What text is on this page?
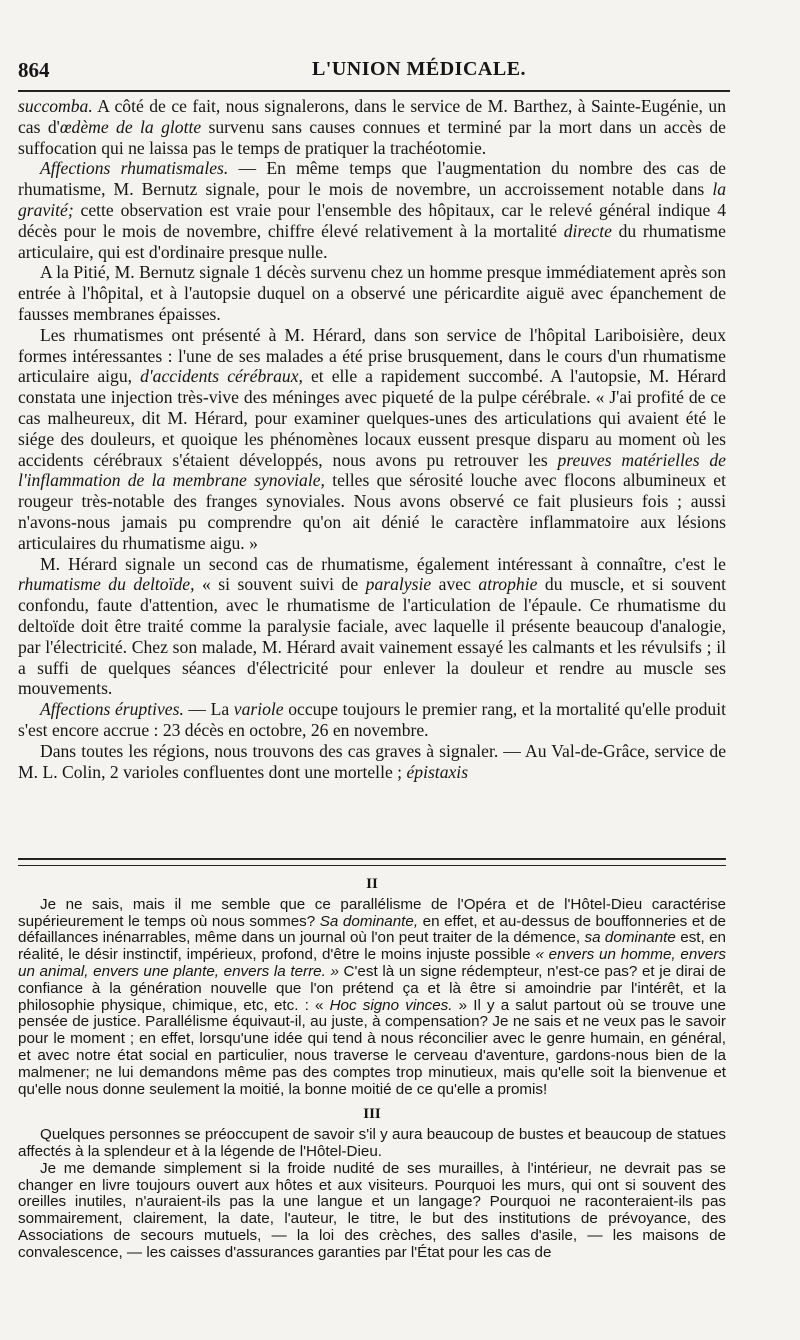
864	L'UNION MÉDICALE.

succomba. A côté de ce fait, nous signalerons, dans le service de M. Barthez, à Sainte-Eugénie, un cas d'œdème de la glotte survenu sans causes connues et terminé par la mort dans un accès de suffocation qui ne laissa pas le temps de pratiquer la trachéotomie.

Affections rhumatismales. — En même temps que l'augmentation du nombre des cas de rhumatisme, M. Bernutz signale, pour le mois de novembre, un accroissement notable dans la gravité; cette observation est vraie pour l'ensemble des hôpitaux, car le relevé général indique 4 décès pour le mois de novembre, chiffre élevé relativement à la mortalité directe du rhumatisme articulaire, qui est d'ordinaire presque nulle.

A la Pitié, M. Bernutz signale 1 décès survenu chez un homme presque immédiatement après son entrée à l'hôpital, et à l'autopsie duquel on a observé une péricardite aiguë avec épanchement de fausses membranes épaisses.

Les rhumatismes ont présenté à M. Hérard, dans son service de l'hôpital Lariboisière, deux formes intéressantes : l'une de ses malades a été prise brusquement, dans le cours d'un rhumatisme articulaire aigu, d'accidents cérébraux, et elle a rapidement succombé. A l'autopsie, M. Hérard constata une injection très-vive des méninges avec piqueté de la pulpe cérébrale. « J'ai profité de ce cas malheureux, dit M. Hérard, pour examiner quelques-unes des articulations qui avaient été le siége des douleurs, et quoique les phénomènes locaux eussent presque disparu au moment où les accidents cérébraux s'étaient développés, nous avons pu retrouver les preuves matérielles de l'inflammation de la membrane synoviale, telles que sérosité louche avec flocons albumineux et rougeur très-notable des franges synoviales. Nous avons observé ce fait plusieurs fois ; aussi n'avons-nous jamais pu comprendre qu'on ait dénié le caractère inflammatoire aux lésions articulaires du rhumatisme aigu. »

M. Hérard signale un second cas de rhumatisme, également intéressant à connaître, c'est le rhumatisme du deltoïde, « si souvent suivi de paralysie avec atrophie du muscle, et si souvent confondu, faute d'attention, avec le rhumatisme de l'articulation de l'épaule. Ce rhumatisme du deltoïde doit être traité comme la paralysie faciale, avec laquelle il présente beaucoup d'analogie, par l'électricité. Chez son malade, M. Hérard avait vainement essayé les calmants et les révulsifs ; il a suffi de quelques séances d'électricité pour enlever la douleur et rendre au muscle ses mouvements.

Affections éruptives. — La variole occupe toujours le premier rang, et la mortalité qu'elle produit s'est encore accrue : 23 décès en octobre, 26 en novembre.

Dans toutes les régions, nous trouvons des cas graves à signaler. — Au Val-de-Grâce, service de M. L. Colin, 2 varioles confluentes dont une mortelle ; épistaxis

II

Je ne sais, mais il me semble que ce parallélisme de l'Opéra et de l'Hôtel-Dieu caractérise supérieurement le temps où nous sommes? Sa dominante, en effet, et au-dessus de bouffonneries et de défaillances inénarrables, même dans un journal où l'on peut traiter de la démence, sa dominante est, en réalité, le désir instinctif, impérieux, profond, d'être le moins injuste possible « envers un homme, envers un animal, envers une plante, envers la terre. » C'est là un signe rédempteur, n'est-ce pas? et je dirai de confiance à la génération nouvelle que l'on prétend ça et là être si amoindrie par l'intérêt, et la philosophie physique, chimique, etc, etc. : « Hoc signo vinces. » Il y a salut partout où se trouve une pensée de justice. Parallélisme équivaut-il, au juste, à compensation? Je ne sais et ne veux pas le savoir pour le moment ; en effet, lorsqu'une idée qui tend à nous réconcilier avec le genre humain, en général, et avec notre état social en particulier, nous traverse le cerveau d'aventure, gardons-nous bien de la malmener; ne lui demandons même pas des comptes trop minutieux, mais qu'elle soit la bienvenue et qu'elle nous donne seulement la moitié, la bonne moitié de ce qu'elle a promis!

III

Quelques personnes se préoccupent de savoir s'il y aura beaucoup de bustes et beaucoup de statues affectés à la splendeur et à la légende de l'Hôtel-Dieu.

Je me demande simplement si la froide nudité de ses murailles, à l'intérieur, ne devrait pas se changer en livre toujours ouvert aux hôtes et aux visiteurs. Pourquoi les murs, qui ont si souvent des oreilles inutiles, n'auraient-ils pas la une langue et un langage? Pourquoi ne raconteraient-ils pas sommairement, clairement, la date, l'auteur, le titre, le but des institutions de prévoyance, des Associations de secours mutuels, — la loi des crèches, des salles d'asile, — les maisons de convalescence, — les caisses d'assurances garanties par l'État pour les cas de
